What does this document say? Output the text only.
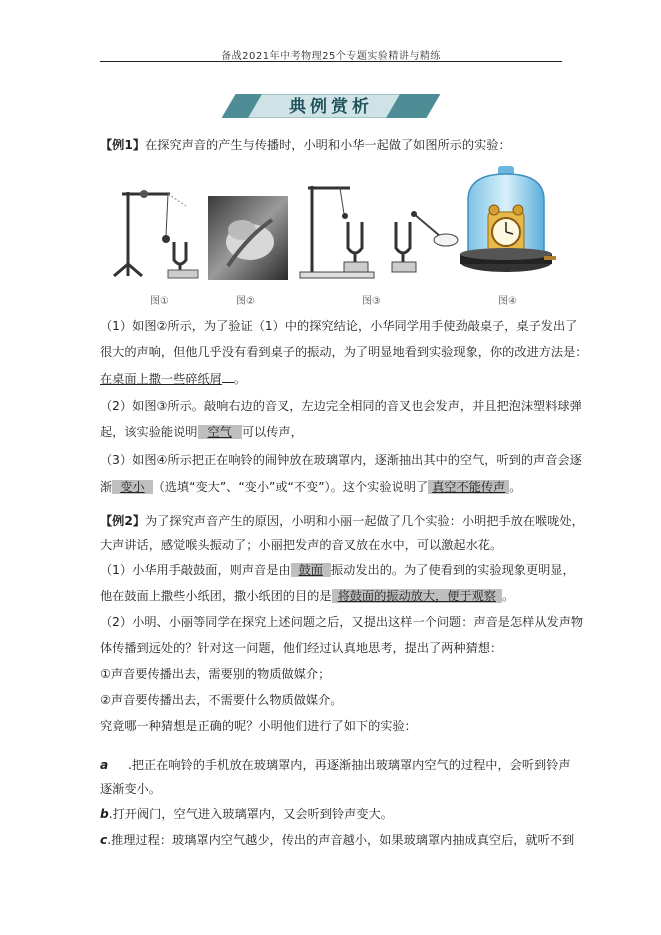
备战2021年中考物理25个专题实验精讲与精练
典例赏析
【例1】在探究声音的产生与传播时，小明和小华一起做了如图所示的实验：
图①	图②	图③	图④
（1）如图②所示，为了验证（1）中的探究结论，小华同学用手使劲敲桌子，桌子发出了
很大的声响，但他几乎没有看到桌子的振动，为了明显地看到实验现象，你的改进方法是：
在桌面上撒一些碎纸屑 。
（2）如图③所示。敲响右边的音叉，左边完全相同的音叉也会发声，并且把泡沫塑料球弹
起，该实验能说明 空气 可以传声，
（3）如图④所示把正在响铃的闹钟放在玻璃罩内，逐渐抽出其中的空气，听到的声音会逐
渐 变小 （选填“变大”、“变小”或“不变”）。这个实验说明了 真空不能传声 。
【例2】为了探究声音产生的原因，小明和小丽一起做了几个实验：小明把手放在喉咙处，
大声讲话，感觉喉头振动了；小丽把发声的音叉放在水中，可以激起水花。
（1）小华用手敲鼓面，则声音是由 鼓面 振动发出的。为了使看到的实验现象更明显，
他在鼓面上撒些小纸团，撒小纸团的目的是 将鼓面的振动放大，便于观察 。
（2）小明、小丽等同学在探究上述问题之后，又提出这样一个问题：声音是怎样从发声物
体传播到远处的？针对这一问题，他们经过认真地思考，提出了两种猜想：
①声音要传播出去，需要别的物质做媒介；
②声音要传播出去，不需要什么物质做媒介。
究竟哪一种猜想是正确的呢？小明他们进行了如下的实验：
a .把正在响铃的手机放在玻璃罩内，再逐渐抽出玻璃罩内空气的过程中，会听到铃声
逐渐变小。
b.打开阀门，空气进入玻璃罩内，又会听到铃声变大。
c.推理过程：玻璃罩内空气越少，传出的声音越小，如果玻璃罩内抽成真空后，就听不到
